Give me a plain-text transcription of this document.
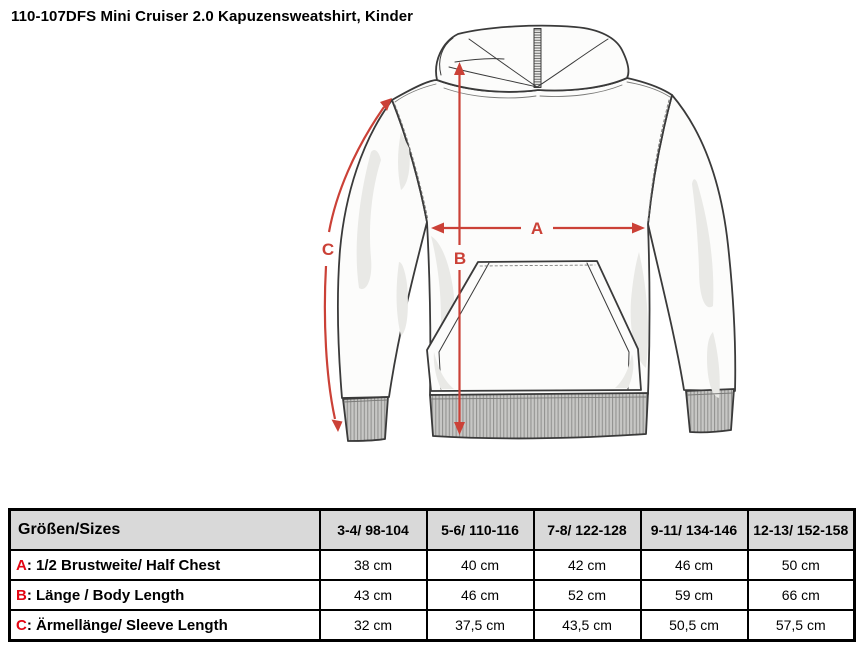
110-107DFS Mini Cruiser 2.0 Kapuzensweatshirt, Kinder
A
B
C
Größen/Sizes	3-4/ 98-104	5-6/ 110-116	7-8/ 122-128	9-11/ 134-146	12-13/ 152-158
A: 1/2 Brustweite/ Half Chest	38 cm	40 cm	42 cm	46 cm	50 cm
B: Länge / Body Length	43 cm	46 cm	52 cm	59 cm	66 cm
C: Ärmellänge/ Sleeve Length	32 cm	37,5 cm	43,5 cm	50,5 cm	57,5 cm
